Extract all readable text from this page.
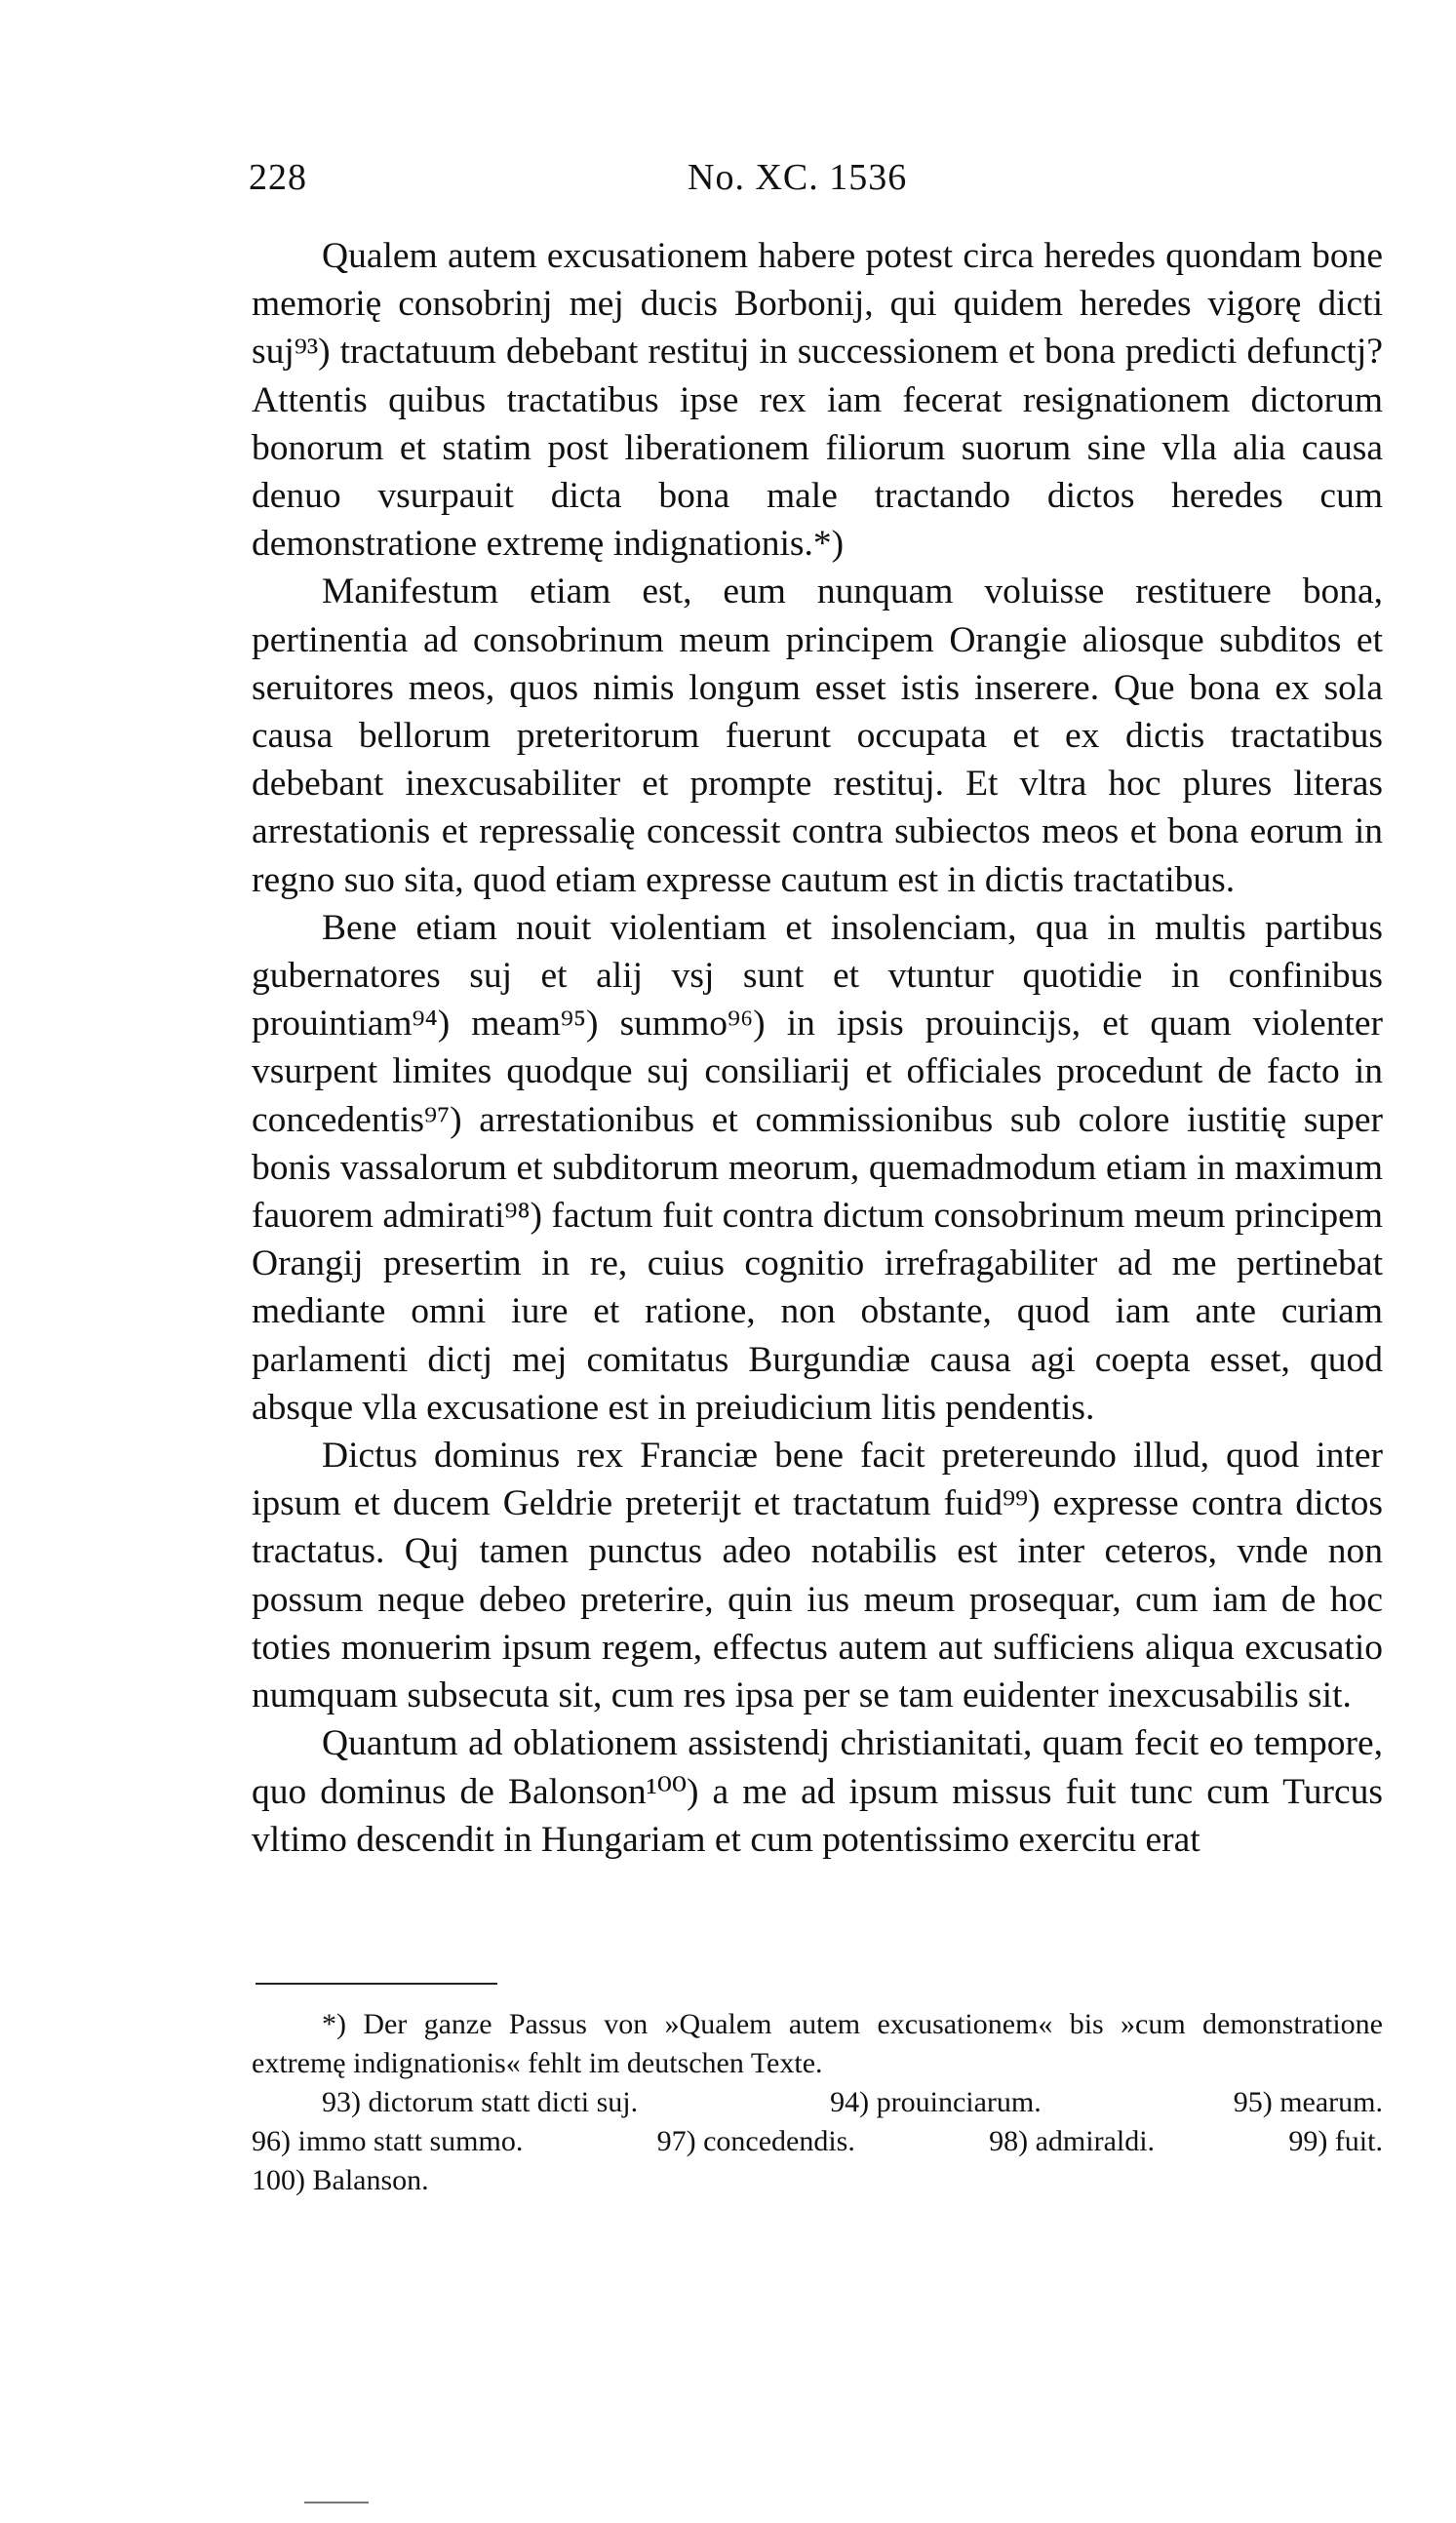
228	No. XC. 1536

Qualem autem excusationem habere potest circa heredes quondam bone memorię consobrinj mej ducis Borbonij, qui quidem heredes vigorę dicti suj⁹³) tractatuum debebant restituj in successionem et bona predicti defunctj? Attentis quibus tractatibus ipse rex iam fecerat resignationem dictorum bonorum et statim post liberationem filiorum suorum sine vlla alia causa denuo vsurpauit dicta bona male tractando dictos heredes cum demonstratione extremę indignationis.*)

Manifestum etiam est, eum nunquam voluisse restituere bona, pertinentia ad consobrinum meum principem Orangie aliosque subditos et seruitores meos, quos nimis longum esset istis inserere. Que bona ex sola causa bellorum preteritorum fuerunt occupata et ex dictis tractatibus debebant inexcusabiliter et prompte restituj. Et vltra hoc plures literas arrestationis et repressalię concessit contra subiectos meos et bona eorum in regno suo sita, quod etiam expresse cautum est in dictis tractatibus.

Bene etiam nouit violentiam et insolenciam, qua in multis partibus gubernatores suj et alij vsj sunt et vtuntur quotidie in confinibus prouintiam⁹⁴) meam⁹⁵) summo⁹⁶) in ipsis prouincijs, et quam violenter vsurpent limites quodque suj consiliarij et officiales procedunt de facto in concedentis⁹⁷) arrestationibus et commissionibus sub colore iustitię super bonis vassalorum et subditorum meorum, quemadmodum etiam in maximum fauorem admirati⁹⁸) factum fuit contra dictum consobrinum meum principem Orangij presertim in re, cuius cognitio irrefragabiliter ad me pertinebat mediante omni iure et ratione, non obstante, quod iam ante curiam parlamenti dictj mej comitatus Burgundiæ causa agi coepta esset, quod absque vlla excusatione est in preiudicium litis pendentis.

Dictus dominus rex Franciæ bene facit pretereundo illud, quod inter ipsum et ducem Geldrie preterijt et tractatum fuid⁹⁹) expresse contra dictos tractatus. Quj tamen punctus adeo notabilis est inter ceteros, vnde non possum neque debeo preterire, quin ius meum prosequar, cum iam de hoc toties monuerim ipsum regem, effectus autem aut sufficiens aliqua excusatio numquam subsecuta sit, cum res ipsa per se tam euidenter inexcusabilis sit.

Quantum ad oblationem assistendj christianitati, quam fecit eo tempore, quo dominus de Balonson¹⁰⁰) a me ad ipsum missus fuit tunc cum Turcus vltimo descendit in Hungariam et cum potentissimo exercitu erat

*) Der ganze Passus von »Qualem autem excusationem« bis »cum demonstratione extremę indignationis« fehlt im deutschen Texte.

93) dictorum statt dicti suj.	94) prouinciarum.	95) mearum.

96) immo statt summo.	97) concedendis.	98) admiraldi.	99) fuit.

100) Balanson.
